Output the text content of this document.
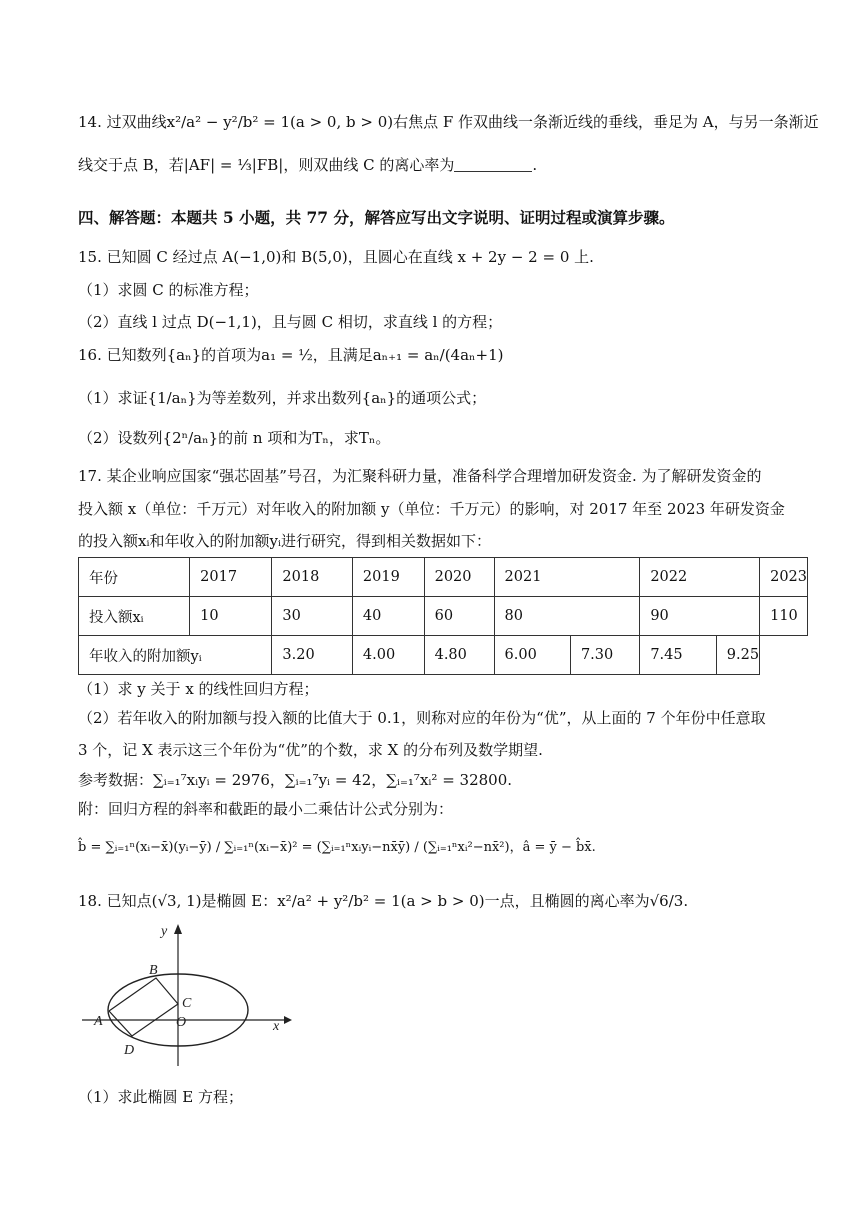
14. 过双曲线x²/a² − y²/b² = 1(a > 0, b > 0)右焦点 F 作双曲线一条渐近线的垂线，垂足为 A，与另一条渐近
线交于点 B，若|AF| = ⅓|FB|，则双曲线 C 的离心率为	.
四、解答题：本题共 5 小题，共 77 分，解答应写出文字说明、证明过程或演算步骤。
15. 已知圆 C 经过点 A(−1,0)和 B(5,0)，且圆心在直线 x + 2y − 2 = 0 上.
（1）求圆 C 的标准方程；
（2）直线 l 过点 D(−1,1)，且与圆 C 相切，求直线 l 的方程；
16. 已知数列{aₙ}的首项为a₁ = ½，且满足aₙ₊₁ = aₙ/(4aₙ+1)
（1）求证{1/aₙ}为等差数列，并求出数列{aₙ}的通项公式；
（2）设数列{2ⁿ/aₙ}的前 n 项和为Tₙ，求Tₙ。
17. 某企业响应国家“强芯固基”号召，为汇聚科研力量，准备科学合理增加研发资金. 为了解研发资金的
投入额 x（单位：千万元）对年收入的附加额 y（单位：千万元）的影响，对 2017 年至 2023 年研发资金
的投入额xᵢ和年收入的附加额yᵢ进行研究，得到相关数据如下：
年份	2017	2018	2019	2020	2021		2022		2023
投入额xᵢ	10	30	40	60	80		90		110
年收入的附加额yᵢ		3.20	4.00	4.80	6.00	7.30	7.45	9.25	
（1）求 y 关于 x 的线性回归方程；
（2）若年收入的附加额与投入额的比值大于 0.1，则称对应的年份为“优”，从上面的 7 个年份中任意取
3 个，记 X 表示这三个年份为“优”的个数，求 X 的分布列及数学期望.
参考数据：∑ᵢ₌₁⁷xᵢyᵢ = 2976，∑ᵢ₌₁⁷yᵢ = 42，∑ᵢ₌₁⁷xᵢ² = 32800.
附：回归方程的斜率和截距的最小二乘估计公式分别为：
b̂ = ∑ᵢ₌₁ⁿ(xᵢ−x̄)(yᵢ−ȳ) / ∑ᵢ₌₁ⁿ(xᵢ−x̄)² = (∑ᵢ₌₁ⁿxᵢyᵢ−nx̄ȳ) / (∑ᵢ₌₁ⁿxᵢ²−nx̄²)，â = ȳ − b̂x̄.
18. 已知点(√3, 1)是椭圆 E：x²/a² + y²/b² = 1(a > b > 0)一点，且椭圆的离心率为√6/3.
y
x
B
C
A	O
D
（1）求此椭圆 E 方程；
